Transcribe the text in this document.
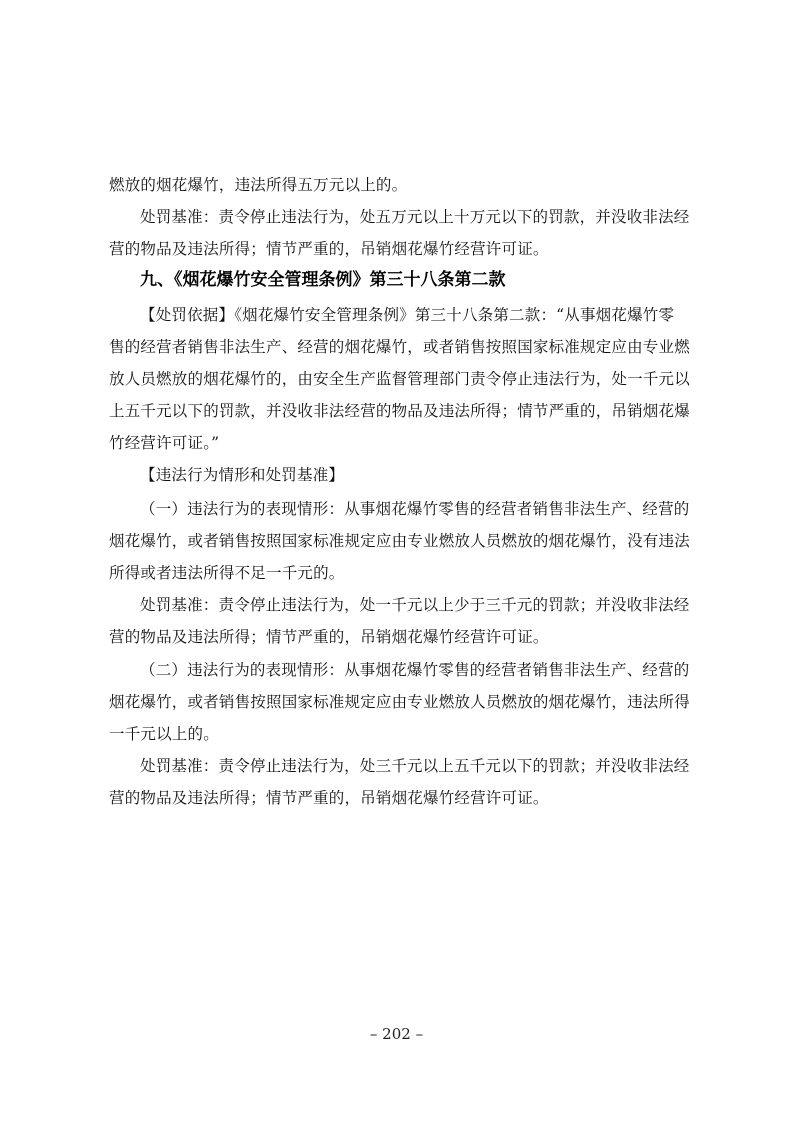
燃放的烟花爆竹，违法所得五万元以上的。
处罚基准：责令停止违法行为，处五万元以上十万元以下的罚款，并没收非法经
营的物品及违法所得；情节严重的，吊销烟花爆竹经营许可证。
九、《烟花爆竹安全管理条例》第三十八条第二款
【处罚依据】《烟花爆竹安全管理条例》第三十八条第二款：“从事烟花爆竹零
售的经营者销售非法生产、经营的烟花爆竹，或者销售按照国家标准规定应由专业燃
放人员燃放的烟花爆竹的，由安全生产监督管理部门责令停止违法行为，处一千元以
上五千元以下的罚款，并没收非法经营的物品及违法所得；情节严重的，吊销烟花爆
竹经营许可证。”
【违法行为情形和处罚基准】
（一）违法行为的表现情形：从事烟花爆竹零售的经营者销售非法生产、经营的
烟花爆竹，或者销售按照国家标准规定应由专业燃放人员燃放的烟花爆竹，没有违法
所得或者违法所得不足一千元的。
处罚基准：责令停止违法行为，处一千元以上少于三千元的罚款；并没收非法经
营的物品及违法所得；情节严重的，吊销烟花爆竹经营许可证。
（二）违法行为的表现情形：从事烟花爆竹零售的经营者销售非法生产、经营的
烟花爆竹，或者销售按照国家标准规定应由专业燃放人员燃放的烟花爆竹，违法所得
一千元以上的。
处罚基准：责令停止违法行为，处三千元以上五千元以下的罚款；并没收非法经
营的物品及违法所得；情节严重的，吊销烟花爆竹经营许可证。
– 202 –
